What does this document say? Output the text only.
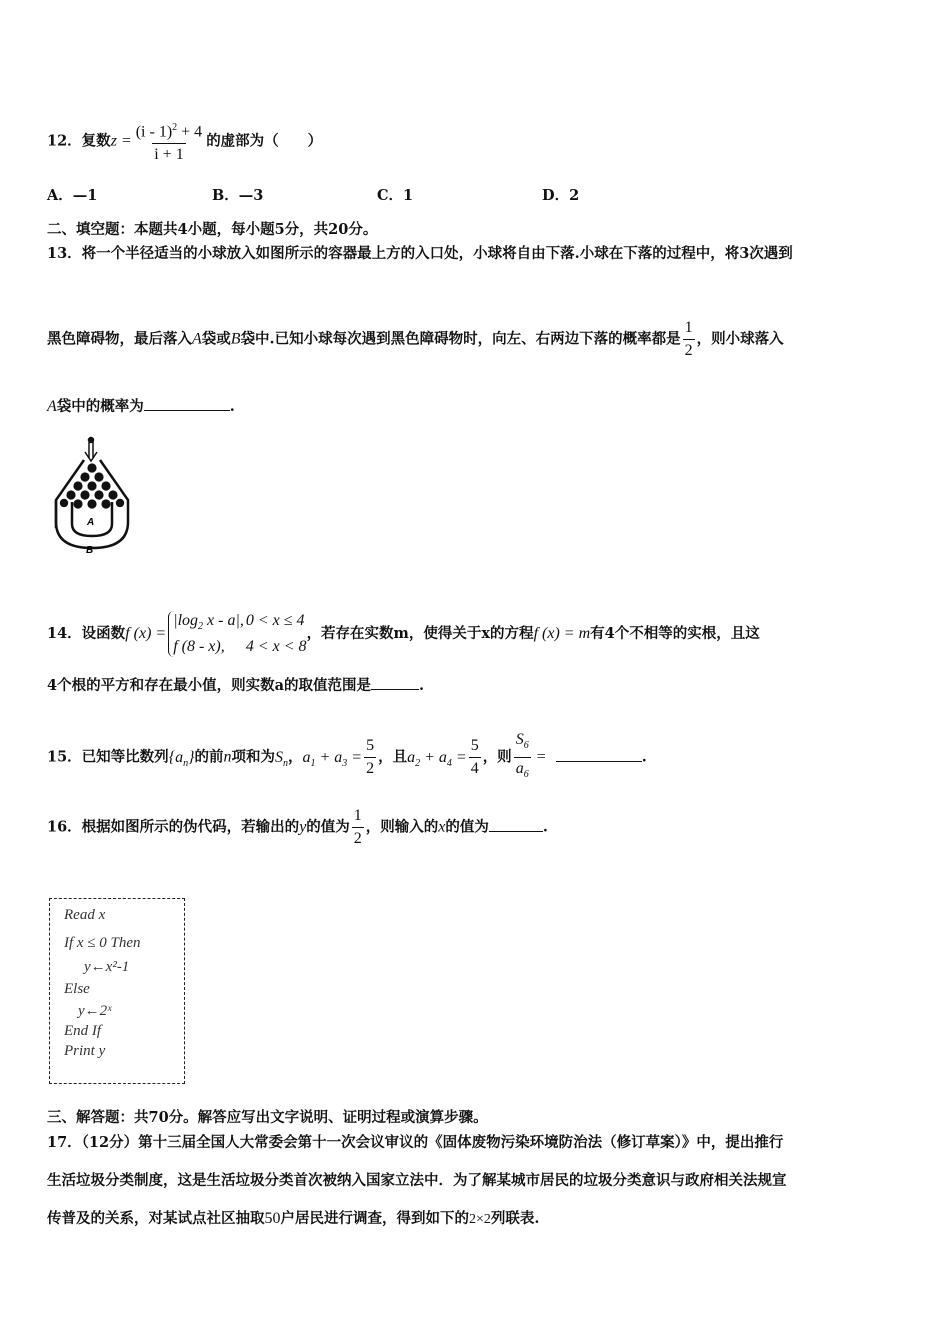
12．复数$z = \frac{(i - 1)^2 + 4}{i + 1}$ 的虚部为（　　）
A．—1	B．—3	C．1	D．2
二、填空题：本题共4小题，每小题5分，共20分。
13．将一个半径适当的小球放入如图所示的容器最上方的入口处，小球将自由下落.小球在下落的过程中，将3次遇到
黑色障碍物，最后落入A袋或B袋中.已知小球每次遇到黑色障碍物时，向左、右两边下落的概率都是 $\frac{1}{2}$ ，则小球落入
A袋中的概率为	.
A
B
14．设函数f (x) =
$|\log_2$ x - a|, 0 < x ≤ 4
f (8 - x),	4 < x < 8
，若存在实数m，使得关于x的方程f (x) = m有4个不相等的实根，且这
4个根的平方和存在最小值，则实数a的取值范围是	.
15．已知等比数列$\{a_n\}$的前n项和为$S_n$，$a_1 + a_3 = \frac{5}{2}$ ，且$a_2 + a_4 = \frac{5}{4}$ ，则 $\frac{S_6}{a_6}$ =	.
16．根据如图所示的伪代码，若输出的y的值为 $\frac{1}{2}$ ，则输入的x的值为	.
Read x
If x ≤ 0 Then
y←x²-1
Else
y←2ˣ
End If
Print y
三、解答题：共70分。解答应写出文字说明、证明过程或演算步骤。
17．（12分）第十三届全国人大常委会第十一次会议审议的《固体废物污染环境防治法（修订草案）》中，提出推行
生活垃圾分类制度，这是生活垃圾分类首次被纳入国家立法中．为了解某城市居民的垃圾分类意识与政府相关法规宣
传普及的关系，对某试点社区抽取50户居民进行调查，得到如下的2×2列联表.
